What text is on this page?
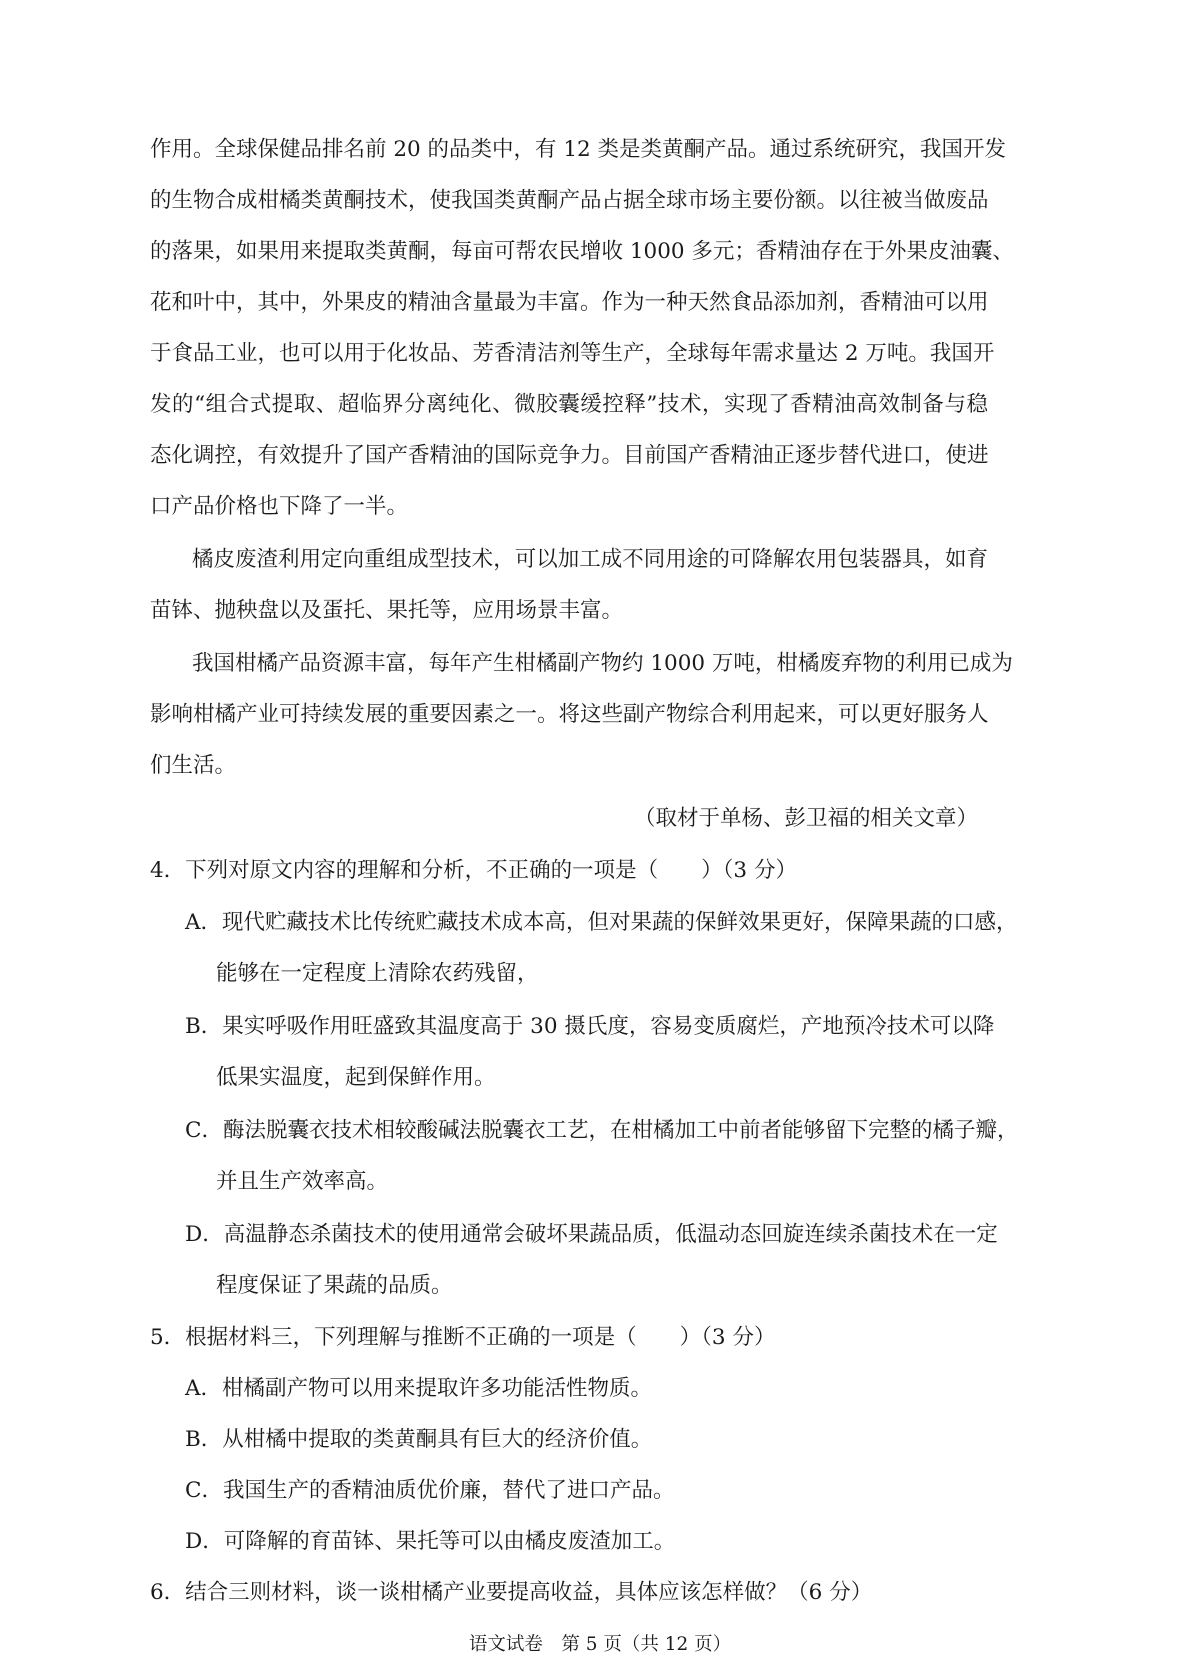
作用。全球保健品排名前 20 的品类中，有 12 类是类黄酮产品。通过系统研究，我国开发
的生物合成柑橘类黄酮技术，使我国类黄酮产品占据全球市场主要份额。以往被当做废品
的落果，如果用来提取类黄酮，每亩可帮农民增收 1000 多元；香精油存在于外果皮油囊、
花和叶中，其中，外果皮的精油含量最为丰富。作为一种天然食品添加剂，香精油可以用
于食品工业，也可以用于化妆品、芳香清洁剂等生产，全球每年需求量达 2 万吨。我国开
发的“组合式提取、超临界分离纯化、微胶囊缓控释”技术，实现了香精油高效制备与稳
态化调控，有效提升了国产香精油的国际竞争力。目前国产香精油正逐步替代进口，使进
口产品价格也下降了一半。
橘皮废渣利用定向重组成型技术，可以加工成不同用途的可降解农用包装器具，如育
苗钵、抛秧盘以及蛋托、果托等，应用场景丰富。
我国柑橘产品资源丰富，每年产生柑橘副产物约 1000 万吨，柑橘废弃物的利用已成为
影响柑橘产业可持续发展的重要因素之一。将这些副产物综合利用起来，可以更好服务人
们生活。
（取材于单杨、彭卫福的相关文章）
4．下列对原文内容的理解和分析，不正确的一项是（　　）（3 分）
A．现代贮藏技术比传统贮藏技术成本高，但对果蔬的保鲜效果更好，保障果蔬的口感，
能够在一定程度上清除农药残留，
B．果实呼吸作用旺盛致其温度高于 30 摄氏度，容易变质腐烂，产地预冷技术可以降
低果实温度，起到保鲜作用。
C．酶法脱囊衣技术相较酸碱法脱囊衣工艺，在柑橘加工中前者能够留下完整的橘子瓣，
并且生产效率高。
D．高温静态杀菌技术的使用通常会破坏果蔬品质，低温动态回旋连续杀菌技术在一定
程度保证了果蔬的品质。
5．根据材料三，下列理解与推断不正确的一项是（　　）（3 分）
A．柑橘副产物可以用来提取许多功能活性物质。
B．从柑橘中提取的类黄酮具有巨大的经济价值。
C．我国生产的香精油质优价廉，替代了进口产品。
D．可降解的育苗钵、果托等可以由橘皮废渣加工。
6．结合三则材料，谈一谈柑橘产业要提高收益，具体应该怎样做？（6 分）
语文试卷　第 5 页（共 12 页）
